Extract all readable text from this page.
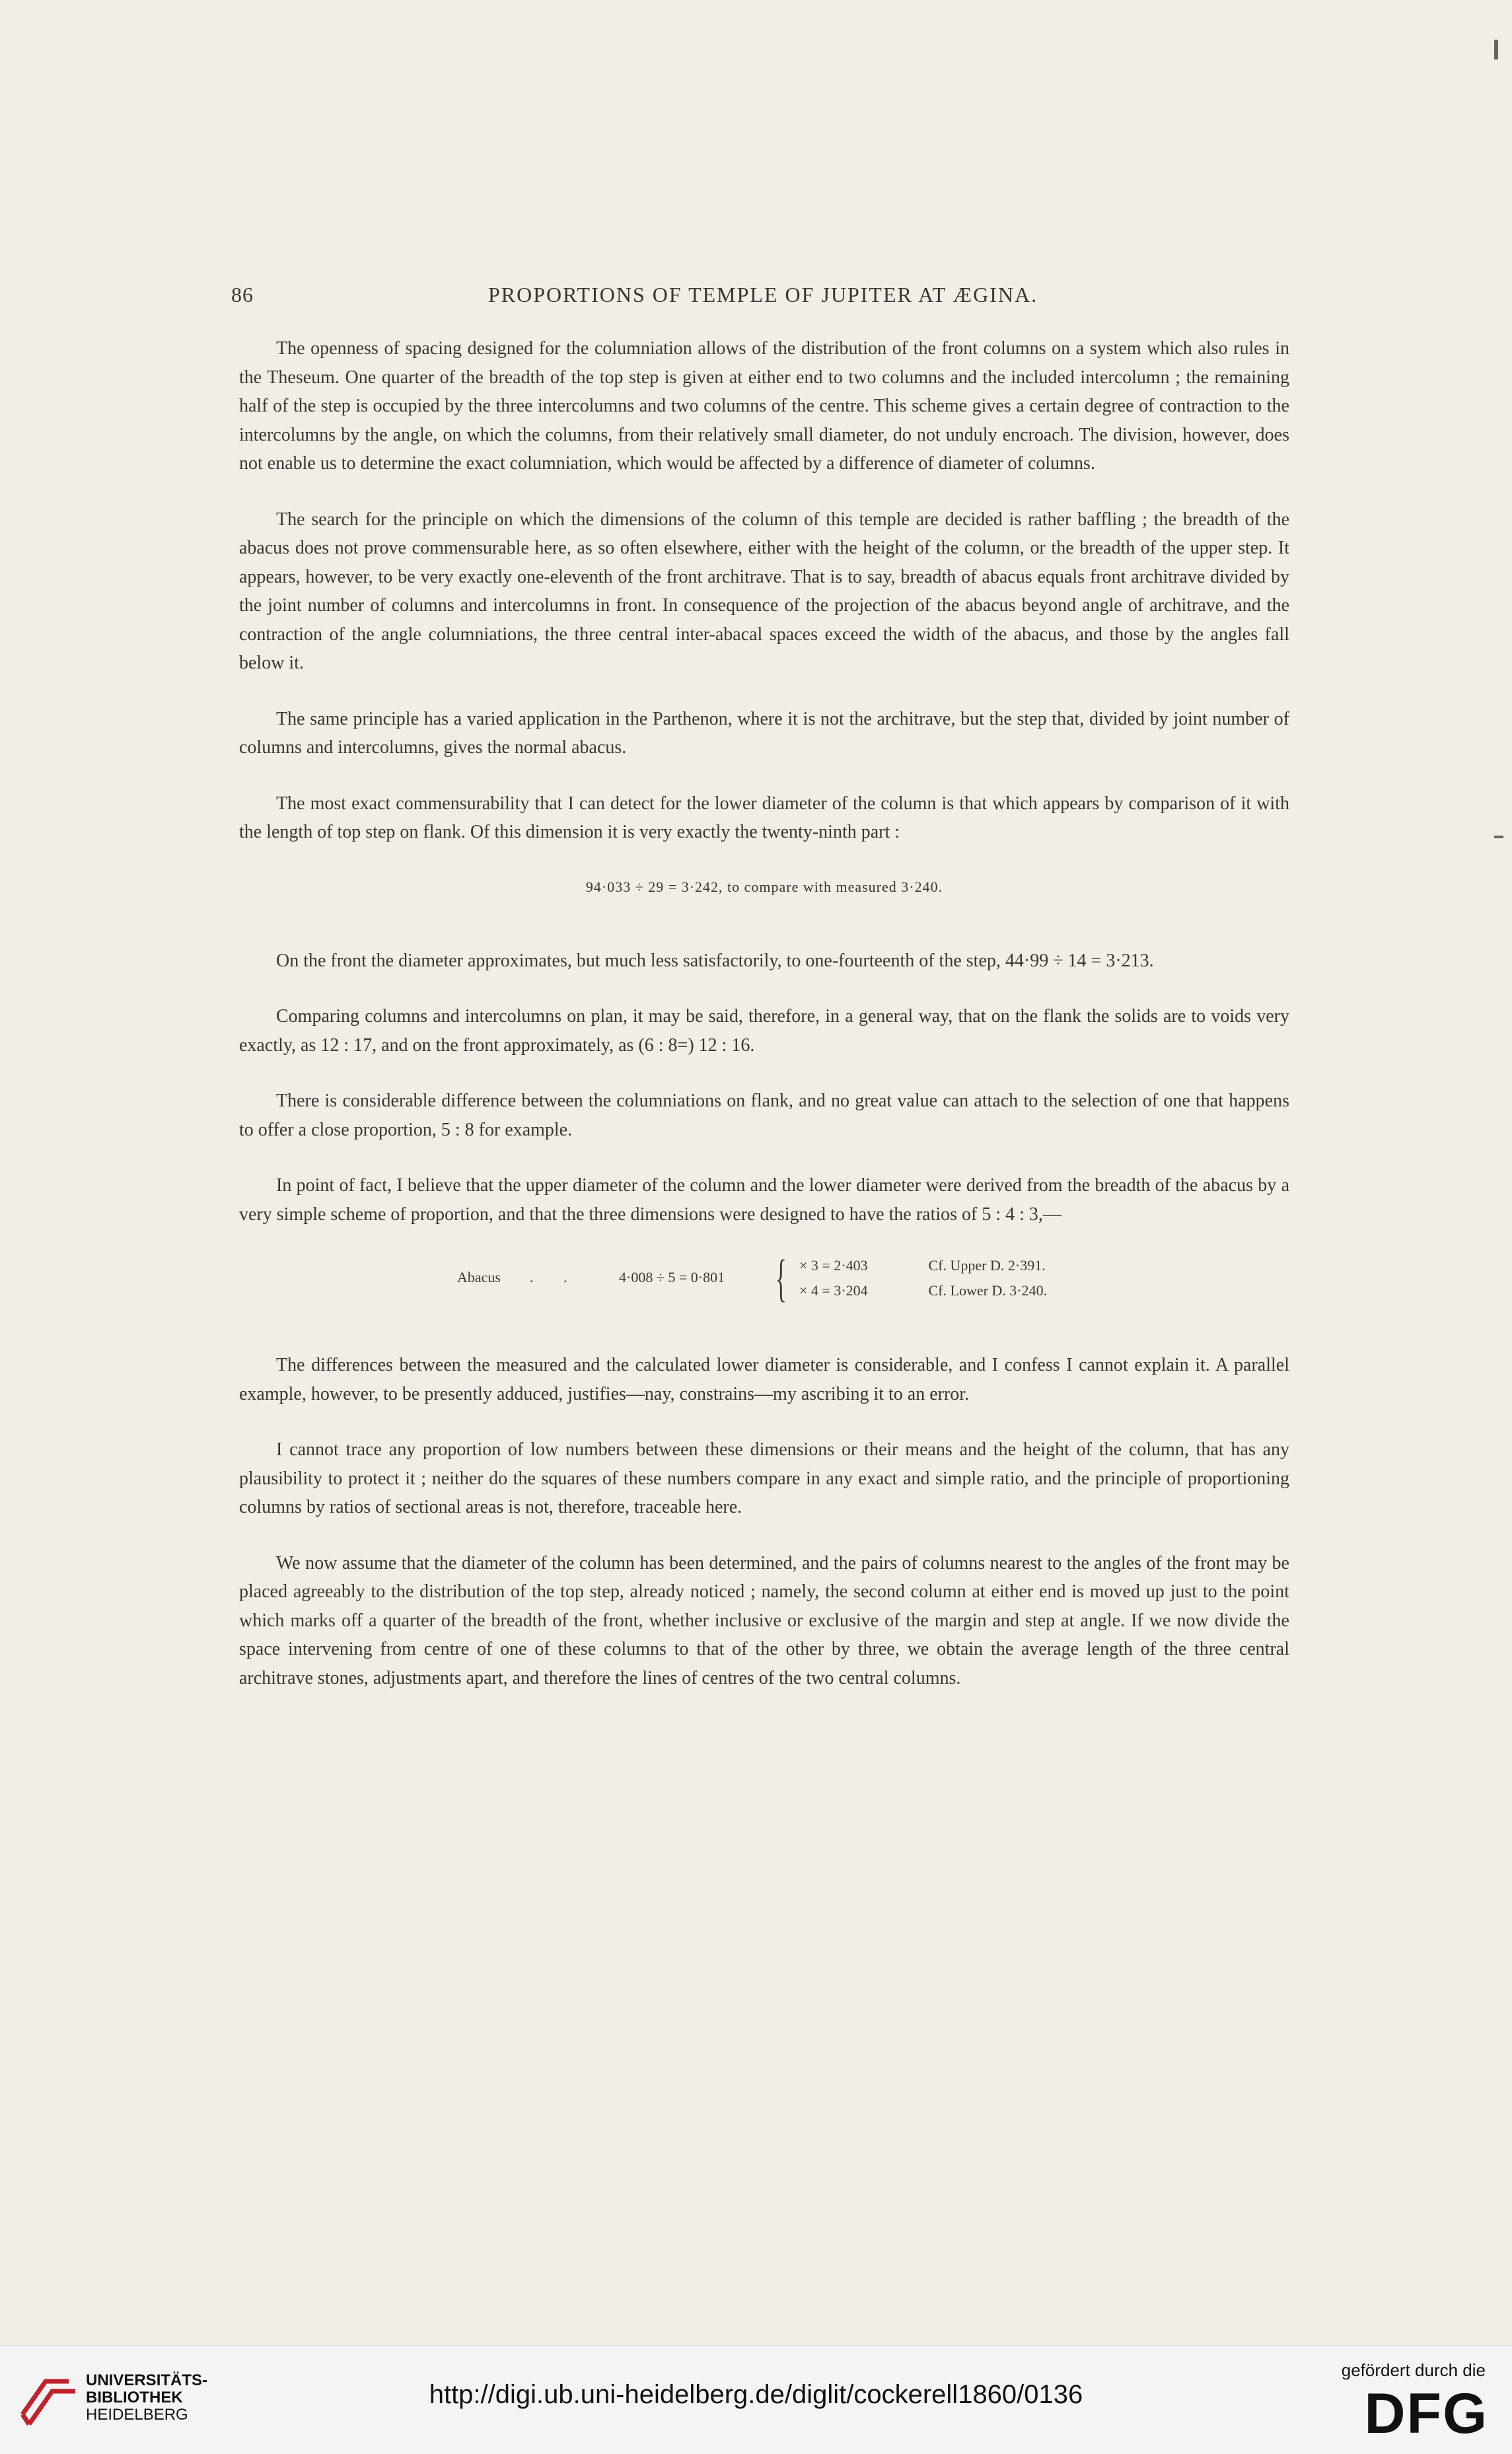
86	PROPORTIONS OF TEMPLE OF JUPITER AT ÆGINA.

The openness of spacing designed for the columniation allows of the distribution of the front columns on a system which also rules in the Theseum. One quarter of the breadth of the top step is given at either end to two columns and the included intercolumn ; the remaining half of the step is occupied by the three intercolumns and two columns of the centre. This scheme gives a certain degree of contraction to the intercolumns by the angle, on which the columns, from their relatively small diameter, do not unduly encroach. The division, however, does not enable us to determine the exact columniation, which would be affected by a difference of diameter of columns.

The search for the principle on which the dimensions of the column of this temple are decided is rather baffling ; the breadth of the abacus does not prove commensurable here, as so often elsewhere, either with the height of the column, or the breadth of the upper step. It appears, however, to be very exactly one-eleventh of the front architrave. That is to say, breadth of abacus equals front architrave divided by the joint number of columns and intercolumns in front. In consequence of the projection of the abacus beyond angle of architrave, and the contraction of the angle columniations, the three central inter-abacal spaces exceed the width of the abacus, and those by the angles fall below it.

The same principle has a varied application in the Parthenon, where it is not the architrave, but the step that, divided by joint number of columns and intercolumns, gives the normal abacus.

The most exact commensurability that I can detect for the lower diameter of the column is that which appears by comparison of it with the length of top step on flank. Of this dimension it is very exactly the twenty-ninth part :

94·033 ÷ 29 = 3·242, to compare with measured 3·240.

On the front the diameter approximates, but much less satisfactorily, to one-fourteenth of the step, 44·99 ÷ 14 = 3·213.

Comparing columns and intercolumns on plan, it may be said, therefore, in a general way, that on the flank the solids are to voids very exactly, as 12 : 17, and on the front approximately, as (6 : 8=) 12 : 16.

There is considerable difference between the columniations on flank, and no great value can attach to the selection of one that happens to offer a close proportion, 5 : 8 for example.

In point of fact, I believe that the upper diameter of the column and the lower diameter were derived from the breadth of the abacus by a very simple scheme of proportion, and that the three dimensions were designed to have the ratios of 5 : 4 : 3,—

Abacus . .	4·008 ÷ 5 = 0·801 { × 3 = 2·403	Cf. Upper D. 2·391.
× 4 = 3·204	Cf. Lower D. 3·240.

The differences between the measured and the calculated lower diameter is considerable, and I confess I cannot explain it. A parallel example, however, to be presently adduced, justifies—nay, constrains—my ascribing it to an error.

I cannot trace any proportion of low numbers between these dimensions or their means and the height of the column, that has any plausibility to protect it ; neither do the squares of these numbers compare in any exact and simple ratio, and the principle of proportioning columns by ratios of sectional areas is not, therefore, traceable here.

We now assume that the diameter of the column has been determined, and the pairs of columns nearest to the angles of the front may be placed agreeably to the distribution of the top step, already noticed ; namely, the second column at either end is moved up just to the point which marks off a quarter of the breadth of the front, whether inclusive or exclusive of the margin and step at angle. If we now divide the space intervening from centre of one of these columns to that of the other by three, we obtain the average length of the three central architrave stones, adjustments apart, and therefore the lines of centres of the two central columns.

UNIVERSITÄTS-
BIBLIOTHEK
HEIDELBERG
http://digi.ub.uni-heidelberg.de/diglit/cockerell1860/0136
gefördert durch die
DFG
